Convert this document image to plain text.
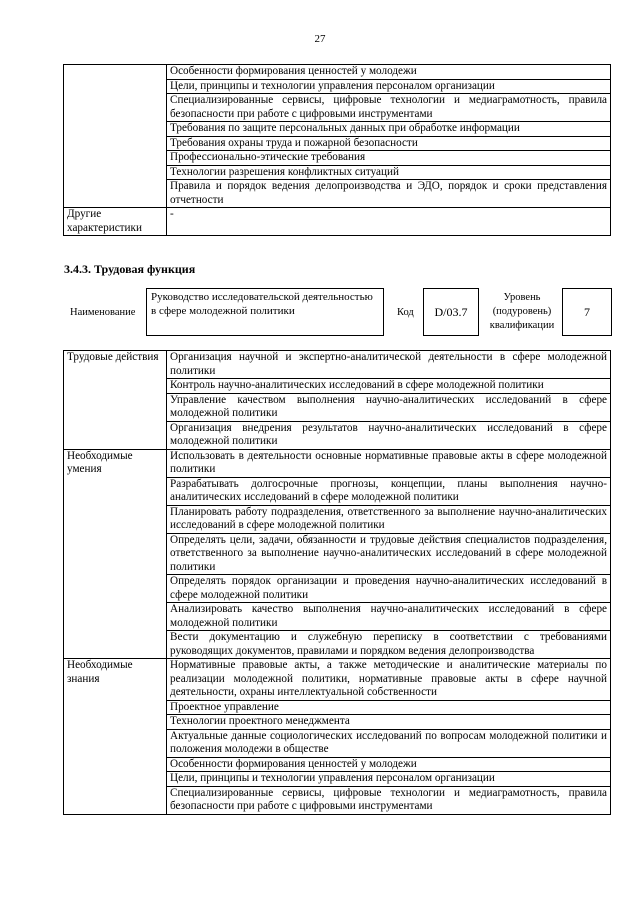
27
	Особенности формирования ценностей у молодежи
	Цели, принципы и технологии управления персоналом организации
	Специализированные сервисы, цифровые технологии и медиаграмотность, правила безопасности при работе с цифровыми инструментами
	Требования по защите персональных данных при обработке информации
	Требования охраны труда и пожарной безопасности
	Профессионально-этические требования
	Технологии разрешения конфликтных ситуаций
	Правила и порядок ведения делопроизводства и ЭДО, порядок и сроки представления отчетности
Другие характеристики	-
3.4.3. Трудовая функция
Наименование
Руководство исследовательской деятельностью в сфере молодежной политики	Код	D/03.7
Уровень (подуровень) квалификации
7
Трудовые действия	Организация научной и экспертно-аналитической деятельности в сфере молодежной политики
	Контроль научно-аналитических исследований в сфере молодежной политики
	Управление качеством выполнения научно-аналитических исследований в сфере молодежной политики
	Организация внедрения результатов научно-аналитических исследований в сфере молодежной политики
Необходимые умения	Использовать в деятельности основные нормативные правовые акты в сфере молодежной политики
	Разрабатывать долгосрочные прогнозы, концепции, планы выполнения научно-аналитических исследований в сфере молодежной политики
	Планировать работу подразделения, ответственного за выполнение научно-аналитических исследований в сфере молодежной политики
	Определять цели, задачи, обязанности и трудовые действия специалистов подразделения, ответственного за выполнение научно-аналитических исследований в сфере молодежной политики
	Определять порядок организации и проведения научно-аналитических исследований в сфере молодежной политики
	Анализировать качество выполнения научно-аналитических исследований в сфере молодежной политики
	Вести документацию и служебную переписку в соответствии с требованиями руководящих документов, правилами и порядком ведения делопроизводства
Необходимые знания	Нормативные правовые акты, а также методические и аналитические материалы по реализации молодежной политики, нормативные правовые акты в сфере научной деятельности, охраны интеллектуальной собственности
	Проектное управление
	Технологии проектного менеджмента
	Актуальные данные социологических исследований по вопросам молодежной политики и положения молодежи в обществе
	Особенности формирования ценностей у молодежи
	Цели, принципы и технологии управления персоналом организации
	Специализированные сервисы, цифровые технологии и медиаграмотность, правила безопасности при работе с цифровыми инструментами
